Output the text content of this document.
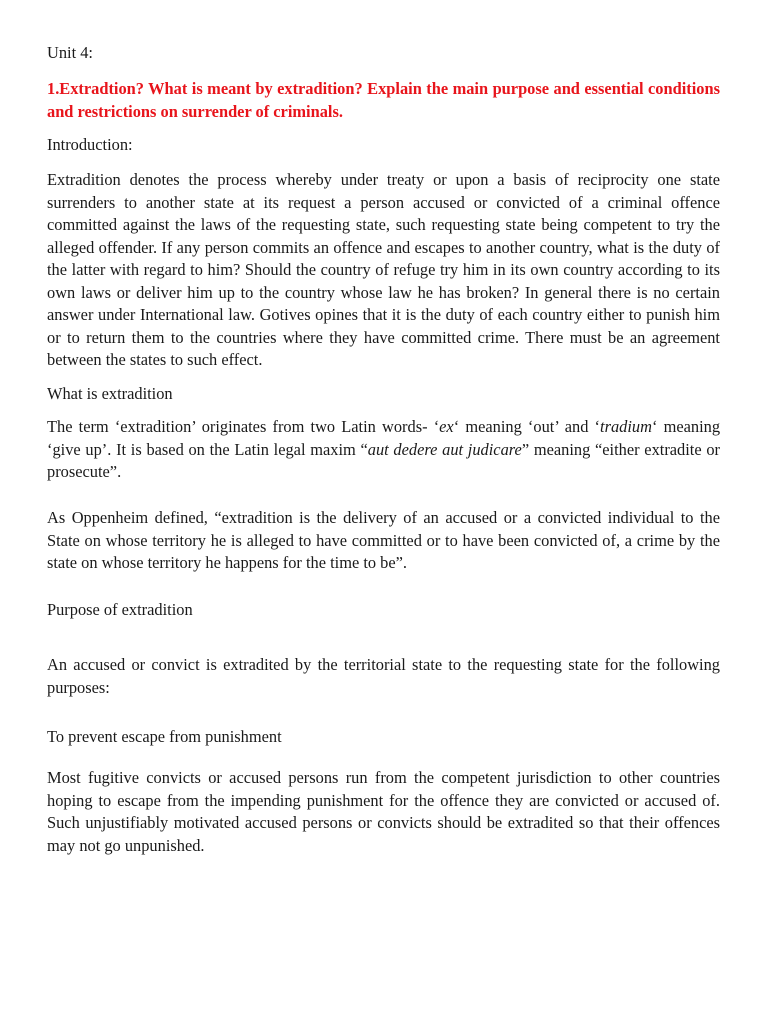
Unit 4:

1.Extradtion? What is meant by extradition? Explain the main purpose and essential conditions and restrictions on surrender of criminals.

Introduction:

Extradition denotes the process whereby under treaty or upon a basis of reciprocity one state surrenders to another state at its request a person accused or convicted of a criminal offence committed against the laws of the requesting state, such requesting state being competent to try the alleged offender. If any person commits an offence and escapes to another country, what is the duty of the latter with regard to him? Should the country of refuge try him in its own country according to its own laws or deliver him up to the country whose law he has broken? In general there is no certain answer under International law. Gotives opines that it is the duty of each country either to punish him or to return them to the countries where they have committed crime. There must be an agreement between the states to such effect.

What is extradition

The term ‘extradition’ originates from two Latin words- ‘ex‘ meaning ‘out’ and ‘tradium‘ meaning ‘give up’. It is based on the Latin legal maxim “aut dedere aut judicare” meaning “either extradite or prosecute”.

As Oppenheim defined, “extradition is the delivery of an accused or a convicted individual to the State on whose territory he is alleged to have committed or to have been convicted of, a crime by the state on whose territory he happens for the time to be”.

Purpose of extradition

An accused or convict is extradited by the territorial state to the requesting state for the following purposes:

To prevent escape from punishment

Most fugitive convicts or accused persons run from the competent jurisdiction to other countries hoping to escape from the impending punishment for the offence they are convicted or accused of. Such unjustifiably motivated accused persons or convicts should be extradited so that their offences may not go unpunished.
